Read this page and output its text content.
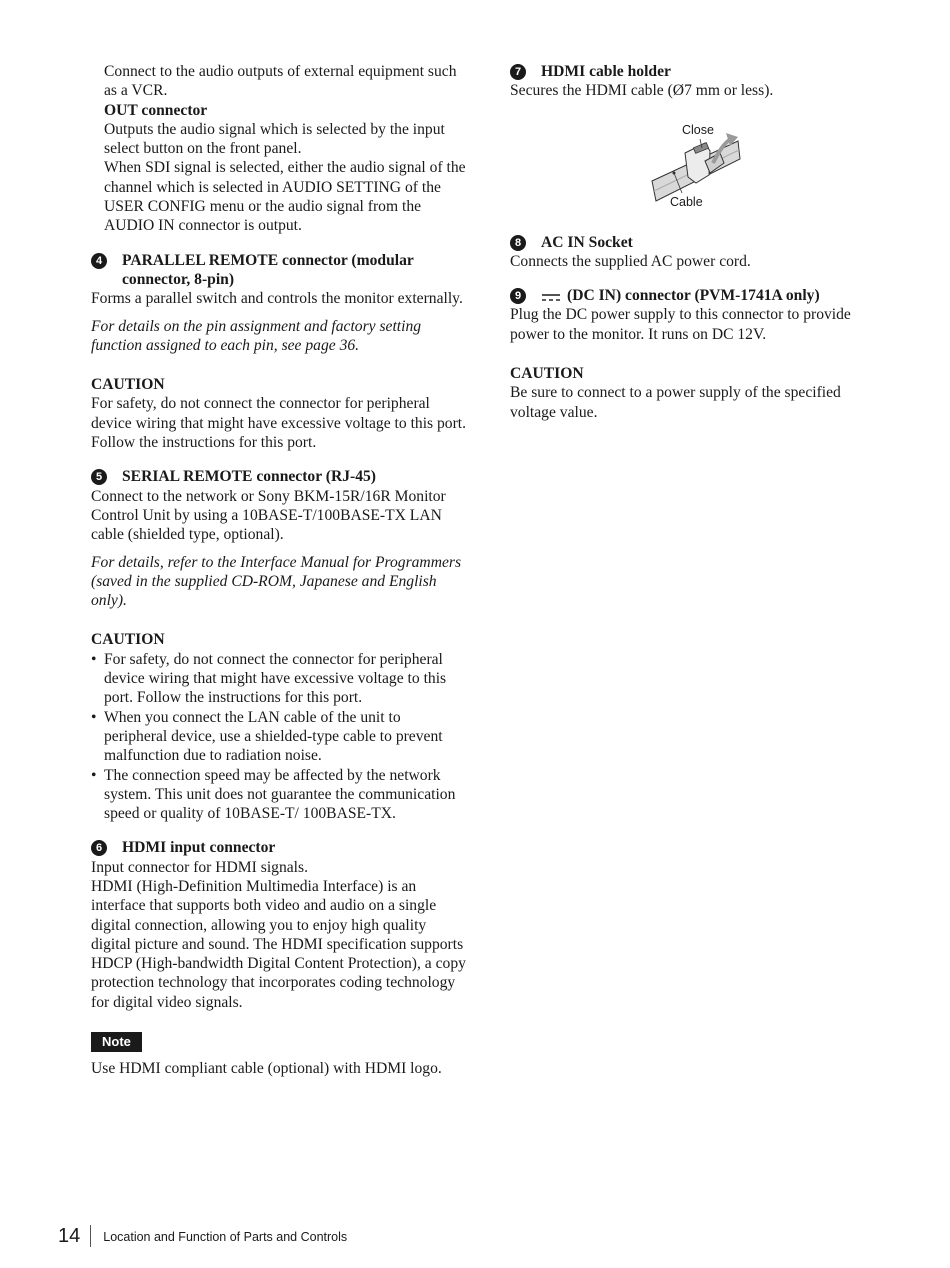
Connect to the audio outputs of external equipment such as a VCR.

OUT connector

Outputs the audio signal which is selected by the input select button on the front panel.

When SDI signal is selected, either the audio signal of the channel which is selected in AUDIO SETTING of the USER CONFIG menu or the audio signal from the AUDIO IN connector is output.

4	PARALLEL REMOTE connector (modular connector, 8-pin)

Forms a parallel switch and controls the monitor externally.

For details on the pin assignment and factory setting function assigned to each pin, see page 36.

CAUTION

For safety, do not connect the connector for peripheral device wiring that might have excessive voltage to this port. Follow the instructions for this port.

5	SERIAL REMOTE connector (RJ-45)

Connect to the network or Sony BKM-15R/16R Monitor Control Unit by using a 10BASE-T/100BASE-TX LAN cable (shielded type, optional).

For details, refer to the Interface Manual for Programmers (saved in the supplied CD-ROM, Japanese and English only).

CAUTION

• For safety, do not connect the connector for peripheral device wiring that might have excessive voltage to this port. Follow the instructions for this port.
• When you connect the LAN cable of the unit to peripheral device, use a shielded-type cable to prevent malfunction due to radiation noise.
• The connection speed may be affected by the network system. This unit does not guarantee the communication speed or quality of 10BASE-T/ 100BASE-TX.
6	HDMI input connector

Input connector for HDMI signals.

HDMI (High-Definition Multimedia Interface) is an interface that supports both video and audio on a single digital connection, allowing you to enjoy high quality digital picture and sound. The HDMI specification supports HDCP (High-bandwidth Digital Content Protection), a copy protection technology that incorporates coding technology for digital video signals.

Note

Use HDMI compliant cable (optional) with HDMI logo.

7	HDMI cable holder

Secures the HDMI cable (Ø7 mm or less).

Close
Cable
8	AC IN Socket

Connects the supplied AC power cord.

9	(DC IN) connector (PVM-1741A only)

Plug the DC power supply to this connector to provide power to the monitor. It runs on DC 12V.

CAUTION

Be sure to connect to a power supply of the specified voltage value.

14 Location and Function of Parts and Controls
